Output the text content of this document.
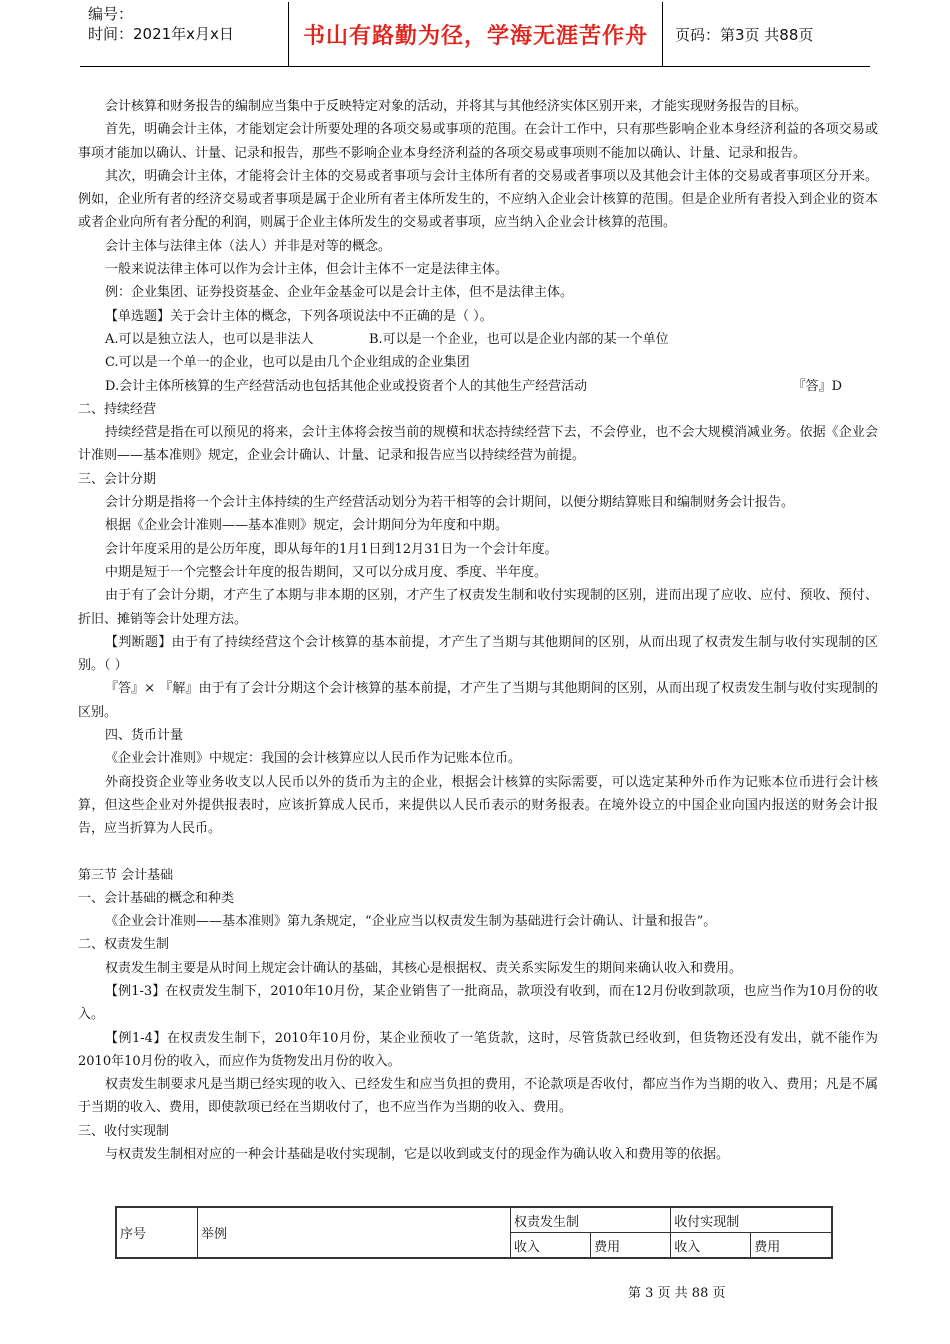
编号：
时间：2021年x月x日	书山有路勤为径，学海无涯苦作舟	页码：第3页 共88页

会计核算和财务报告的编制应当集中于反映特定对象的活动，并将其与其他经济实体区别开来，才能实现财务报告的目标。

首先，明确会计主体，才能划定会计所要处理的各项交易或事项的范围。在会计工作中，只有那些影响企业本身经济利益的各项交易或事项才能加以确认、计量、记录和报告，那些不影响企业本身经济利益的各项交易或事项则不能加以确认、计量、记录和报告。

其次，明确会计主体，才能将会计主体的交易或者事项与会计主体所有者的交易或者事项以及其他会计主体的交易或者事项区分开来。例如，企业所有者的经济交易或者事项是属于企业所有者主体所发生的，不应纳入企业会计核算的范围。但是企业所有者投入到企业的资本或者企业向所有者分配的利润，则属于企业主体所发生的交易或者事项，应当纳入企业会计核算的范围。

会计主体与法律主体（法人）并非是对等的概念。

一般来说法律主体可以作为会计主体，但会计主体不一定是法律主体。

例：企业集团、证券投资基金、企业年金基金可以是会计主体，但不是法律主体。

【单选题】关于会计主体的概念，下列各项说法中不正确的是（ ）。

A.可以是独立法人，也可以是非法人	B.可以是一个企业，也可以是企业内部的某一个单位

C.可以是一个单一的企业，也可以是由几个企业组成的企业集团

D.会计主体所核算的生产经营活动也包括其他企业或投资者个人的其他生产经营活动	『答』D

二、持续经营

持续经营是指在可以预见的将来，会计主体将会按当前的规模和状态持续经营下去，不会停业，也不会大规模消减业务。依据《企业会计准则——基本准则》规定，企业会计确认、计量、记录和报告应当以持续经营为前提。

三、会计分期

会计分期是指将一个会计主体持续的生产经营活动划分为若干相等的会计期间，以便分期结算账目和编制财务会计报告。

根据《企业会计准则——基本准则》规定，会计期间分为年度和中期。

会计年度采用的是公历年度，即从每年的1月1日到12月31日为一个会计年度。

中期是短于一个完整会计年度的报告期间，又可以分成月度、季度、半年度。

由于有了会计分期，才产生了本期与非本期的区别，才产生了权责发生制和收付实现制的区别，进而出现了应收、应付、预收、预付、折旧、摊销等会计处理方法。

【判断题】由于有了持续经营这个会计核算的基本前提，才产生了当期与其他期间的区别，从而出现了权责发生制与收付实现制的区别。（ ）

『答』× 『解』由于有了会计分期这个会计核算的基本前提，才产生了当期与其他期间的区别，从而出现了权责发生制与收付实现制的区别。

四、货币计量

《企业会计准则》中规定：我国的会计核算应以人民币作为记账本位币。

外商投资企业等业务收支以人民币以外的货币为主的企业，根据会计核算的实际需要，可以选定某种外币作为记账本位币进行会计核算，但这些企业对外提供报表时，应该折算成人民币，来提供以人民币表示的财务报表。在境外设立的中国企业向国内报送的财务会计报告，应当折算为人民币。

第三节 会计基础

一、会计基础的概念和种类

《企业会计准则——基本准则》第九条规定，“企业应当以权责发生制为基础进行会计确认、计量和报告”。

二、权责发生制

权责发生制主要是从时间上规定会计确认的基础，其核心是根据权、责关系实际发生的期间来确认收入和费用。

【例1-3】在权责发生制下，2010年10月份，某企业销售了一批商品，款项没有收到，而在12月份收到款项，也应当作为10月份的收入。

【例1-4】在权责发生制下，2010年10月份，某企业预收了一笔货款，这时，尽管货款已经收到，但货物还没有发出，就不能作为2010年10月份的收入，而应作为货物发出月份的收入。

权责发生制要求凡是当期已经实现的收入、已经发生和应当负担的费用，不论款项是否收付，都应当作为当期的收入、费用；凡是不属于当期的收入、费用，即使款项已经在当期收付了，也不应当作为当期的收入、费用。

三、收付实现制

与权责发生制相对应的一种会计基础是收付实现制，它是以收到或支付的现金作为确认收入和费用等的依据。

序号	举例	权责发生制		收付实现制	
		收入	费用	收入	费用
第 3 页 共 88 页
